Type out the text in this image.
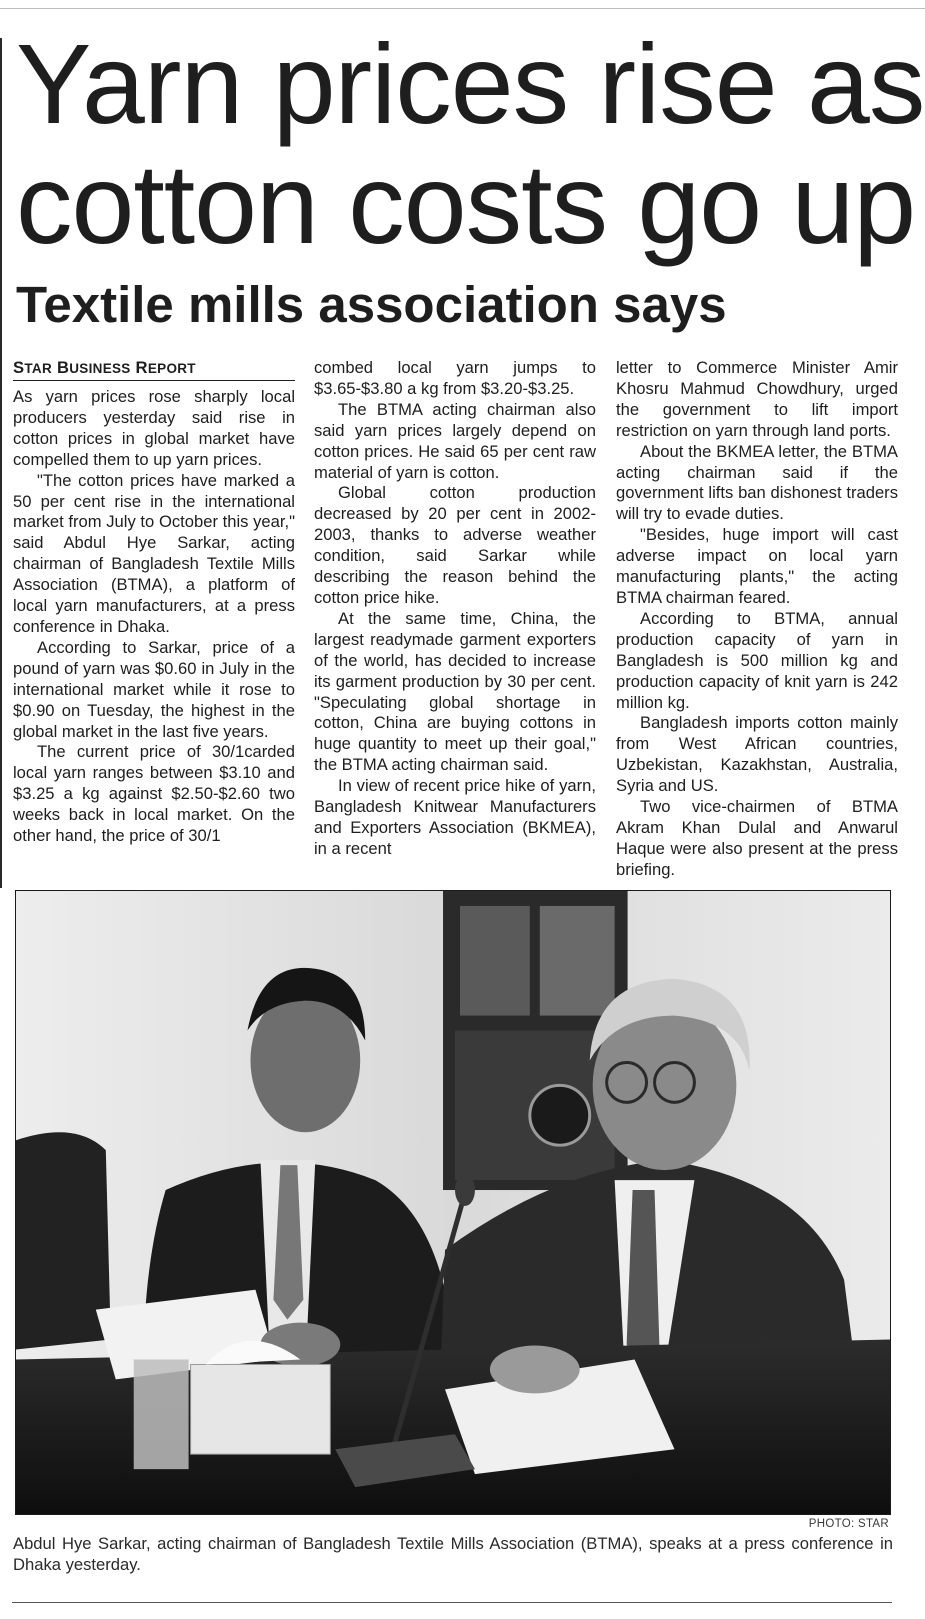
Yarn prices rise as
cotton costs go up
Textile mills association says
STAR BUSINESS REPORT

As yarn prices rose sharply local producers yesterday said rise in cotton prices in global market have compelled them to up yarn prices.

"The cotton prices have marked a 50 per cent rise in the international market from July to October this year," said Abdul Hye Sarkar, acting chairman of Bangladesh Textile Mills Association (BTMA), a platform of local yarn manufacturers, at a press conference in Dhaka.

According to Sarkar, price of a pound of yarn was $0.60 in July in the international market while it rose to $0.90 on Tuesday, the highest in the global market in the last five years.

The current price of 30/1carded local yarn ranges between $3.10 and $3.25 a kg against $2.50-$2.60 two weeks back in local market. On the other hand, the price of 30/1

combed local yarn jumps to $3.65-$3.80 a kg from $3.20-$3.25.

The BTMA acting chairman also said yarn prices largely depend on cotton prices. He said 65 per cent raw material of yarn is cotton.

Global cotton production decreased by 20 per cent in 2002-2003, thanks to adverse weather condition, said Sarkar while describing the reason behind the cotton price hike.

At the same time, China, the largest readymade garment exporters of the world, has decided to increase its garment production by 30 per cent. "Speculating global shortage in cotton, China are buying cottons in huge quantity to meet up their goal," the BTMA acting chairman said.

In view of recent price hike of yarn, Bangladesh Knitwear Manufacturers and Exporters Association (BKMEA), in a recent

letter to Commerce Minister Amir Khosru Mahmud Chowdhury, urged the government to lift import restriction on yarn through land ports.

About the BKMEA letter, the BTMA acting chairman said if the government lifts ban dishonest traders will try to evade duties.

"Besides, huge import will cast adverse impact on local yarn manufacturing plants," the acting BTMA chairman feared.

According to BTMA, annual production capacity of yarn in Bangladesh is 500 million kg and production capacity of knit yarn is 242 million kg.

Bangladesh imports cotton mainly from West African countries, Uzbekistan, Kazakhstan, Australia, Syria and US.

Two vice-chairmen of BTMA Akram Khan Dulal and Anwarul Haque were also present at the press briefing.

PHOTO: STAR

Abdul Hye Sarkar, acting chairman of Bangladesh Textile Mills Association (BTMA), speaks at a press conference in Dhaka yesterday.
